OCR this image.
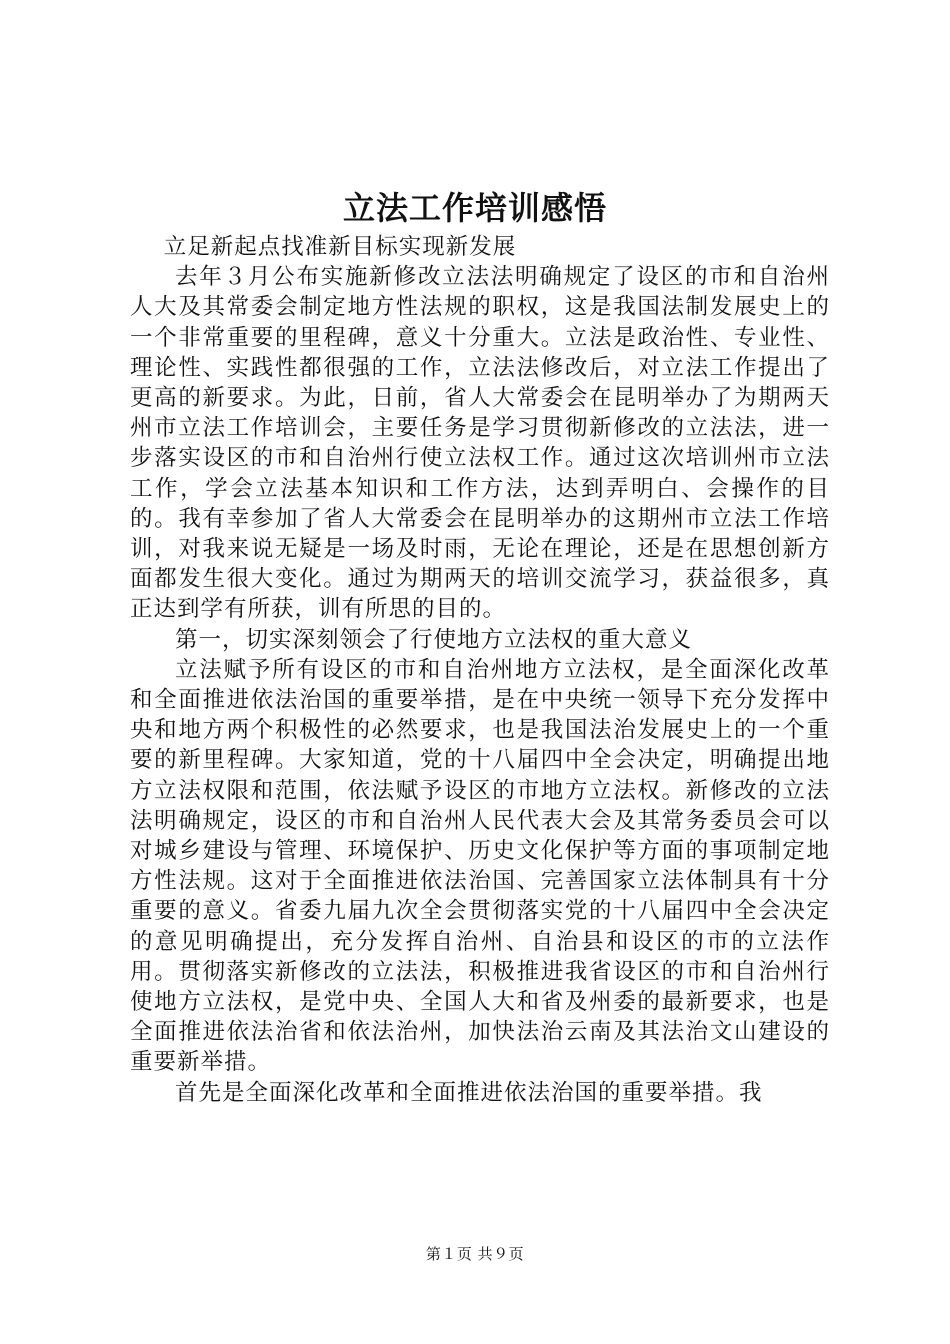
立法工作培训感悟

立足新起点找准新目标实现新发展

去年３月公布实施新修改立法法明确规定了设区的市和自治州人大及其常委会制定地方性法规的职权，这是我国法制发展史上的一个非常重要的里程碑，意义十分重大。立法是政治性、专业性、理论性、实践性都很强的工作，立法法修改后，对立法工作提出了更高的新要求。为此，日前，省人大常委会在昆明举办了为期两天州市立法工作培训会，主要任务是学习贯彻新修改的立法法，进一步落实设区的市和自治州行使立法权工作。通过这次培训州市立法工作，学会立法基本知识和工作方法，达到弄明白、会操作的目的。我有幸参加了省人大常委会在昆明举办的这期州市立法工作培训，对我来说无疑是一场及时雨，无论在理论，还是在思想创新方面都发生很大变化。通过为期两天的培训交流学习，获益很多，真正达到学有所获，训有所思的目的。

第一，切实深刻领会了行使地方立法权的重大意义

立法赋予所有设区的市和自治州地方立法权，是全面深化改革和全面推进依法治国的重要举措，是在中央统一领导下充分发挥中央和地方两个积极性的必然要求，也是我国法治发展史上的一个重要的新里程碑。大家知道，党的十八届四中全会决定，明确提出地方立法权限和范围，依法赋予设区的市地方立法权。新修改的立法法明确规定，设区的市和自治州人民代表大会及其常务委员会可以对城乡建设与管理、环境保护、历史文化保护等方面的事项制定地方性法规。这对于全面推进依法治国、完善国家立法体制具有十分重要的意义。省委九届九次全会贯彻落实党的十八届四中全会决定的意见明确提出，充分发挥自治州、自治县和设区的市的立法作用。贯彻落实新修改的立法法，积极推进我省设区的市和自治州行使地方立法权，是党中央、全国人大和省及州委的最新要求，也是全面推进依法治省和依法治州，加快法治云南及其法治文山建设的重要新举措。

首先是全面深化改革和全面推进依法治国的重要举措。我

第１页 共９页
